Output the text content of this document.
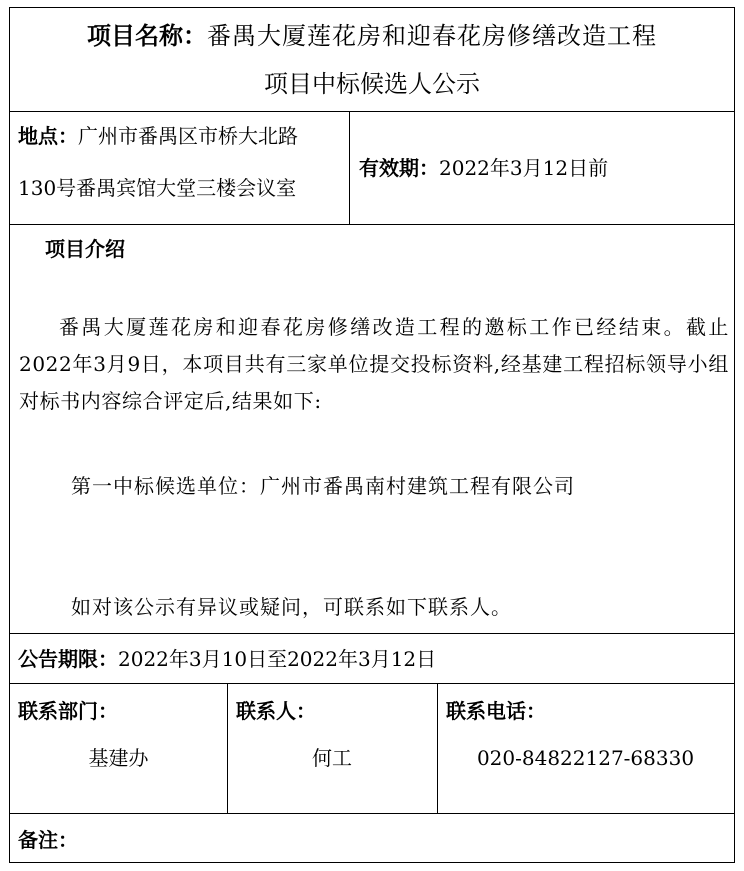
项目名称：番禺大厦莲花房和迎春花房修缮改造工程
项目中标候选人公示
地点：广州市番禺区市桥大北路
130号番禺宾馆大堂三楼会议室
有效期：2022年3月12日前
项目介绍
番禺大厦莲花房和迎春花房修缮改造工程的邀标工作已经结束。截止2022年3月9日，本项目共有三家单位提交投标资料,经基建工程招标领导小组对标书内容综合评定后,结果如下:
第一中标候选单位：广州市番禺南村建筑工程有限公司
如对该公示有异议或疑问，可联系如下联系人。
公告期限：2022年3月10日至2022年3月12日
联系部门：
基建办
联系人：
何工
联系电话：
020-84822127-68330
备注：
